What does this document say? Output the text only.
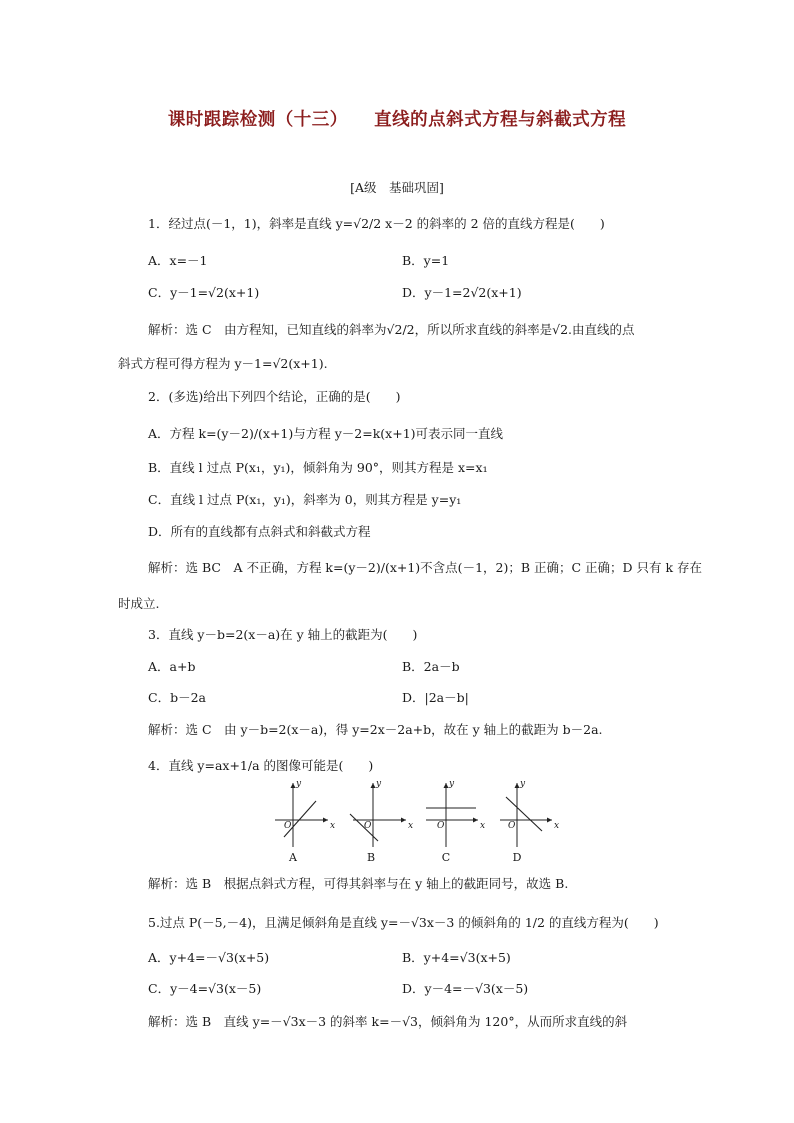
课时跟踪检测（十三）    直线的点斜式方程与斜截式方程
[A级　基础巩固]
1．经过点(－1，1)，斜率是直线 y=√2/2 x－2 的斜率的 2 倍的直线方程是(　　)
A．x=－1	B．y=1
C．y－1=√2(x+1)	D．y－1=2√2(x+1)
解析：选 C　由方程知，已知直线的斜率为√2/2，所以所求直线的斜率是√2.由直线的点
斜式方程可得方程为 y－1=√2(x+1).
2．(多选)给出下列四个结论，正确的是(　　)
A．方程 k=(y－2)/(x+1)与方程 y－2=k(x+1)可表示同一直线
B．直线 l 过点 P(x₁，y₁)，倾斜角为 90°，则其方程是 x=x₁
C．直线 l 过点 P(x₁，y₁)，斜率为 0，则其方程是 y=y₁
D．所有的直线都有点斜式和斜截式方程
解析：选 BC　A 不正确，方程 k=(y－2)/(x+1)不含点(－1，2)；B 正确；C 正确；D 只有 k 存在
时成立.
3．直线 y－b=2(x－a)在 y 轴上的截距为(　　)
A．a+b	B．2a－b
C．b－2a	D．|2a－b|
解析：选 C　由 y－b=2(x－a)，得 y=2x－2a+b，故在 y 轴上的截距为 b－2a.
4．直线 y=ax+1/a 的图像可能是(　　)
y
x
O
A
y
x
O
B
y
x
O
C
y
x
O
D
解析：选 B　根据点斜式方程，可得其斜率与在 y 轴上的截距同号，故选 B.
5.过点 P(－5,－4)，且满足倾斜角是直线 y=－√3x－3 的倾斜角的 1/2 的直线方程为(　　)
A．y+4=－√3(x+5)	B．y+4=√3(x+5)
C．y－4=√3(x－5)	D．y－4=－√3(x－5)
解析：选 B　直线 y=－√3x－3 的斜率 k=－√3，倾斜角为 120°，从而所求直线的斜
